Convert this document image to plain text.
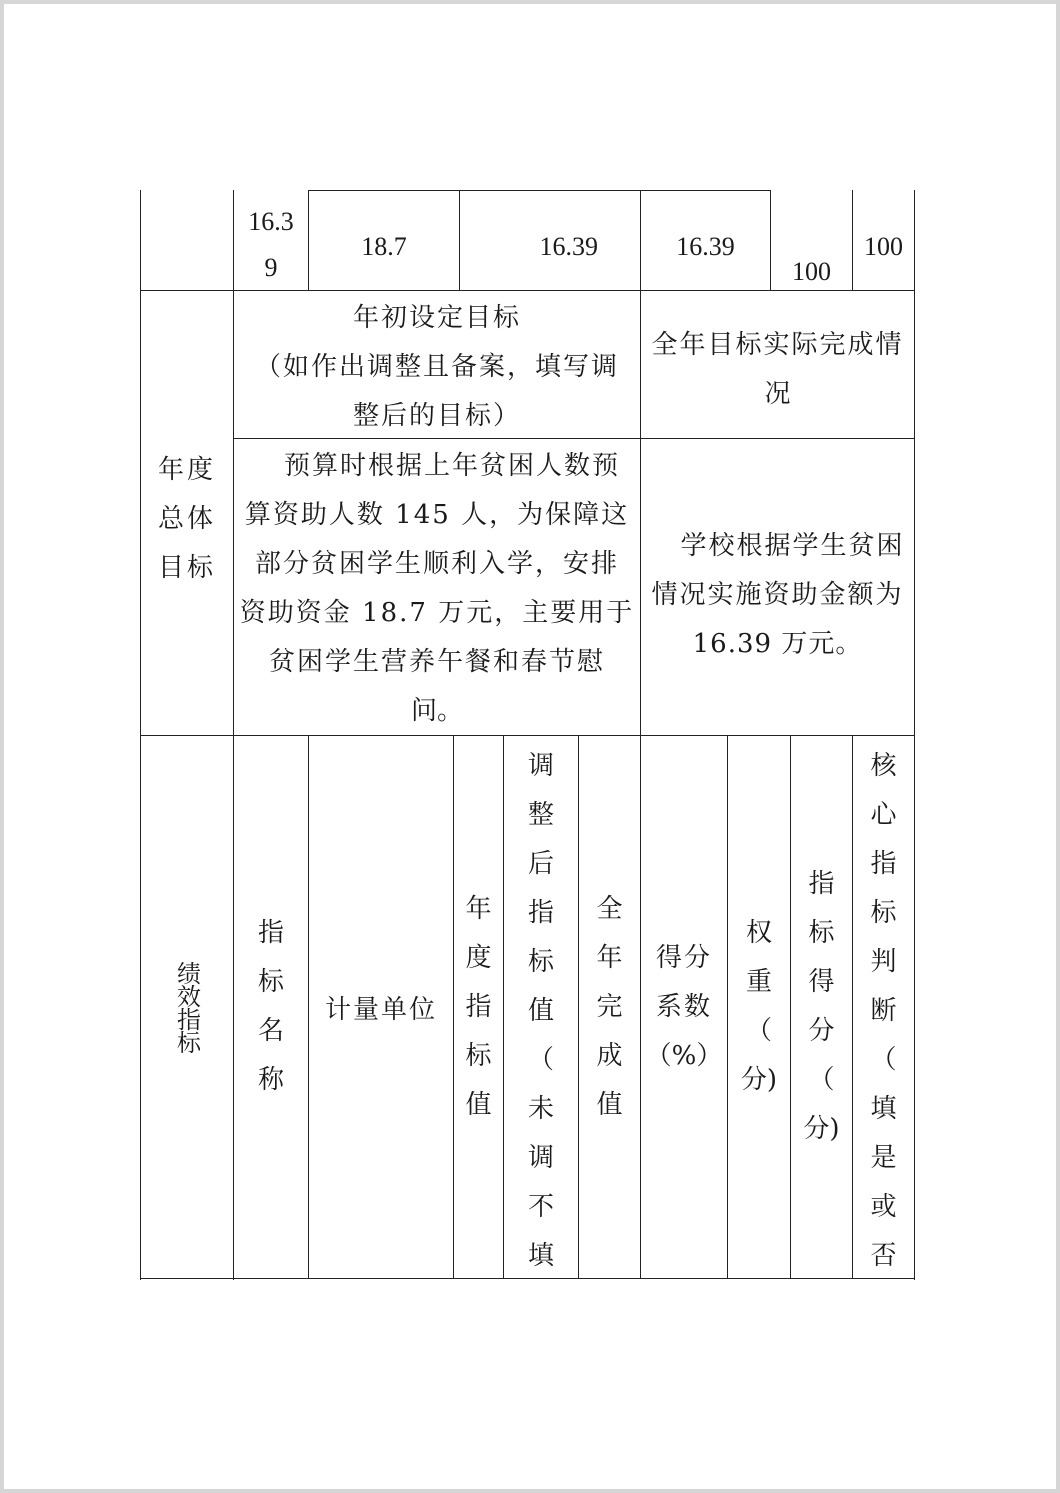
16.3
9
18.7	16.39	16.39
100
100
年初设定目标
（如作出调整且备案，填写调
整后的目标）
全年目标实际完成情
况
年度
总体
目标
预算时根据上年贫困人数预
算资助人数 145 人，为保障这
部分贫困学生顺利入学，安排
资助资金 18.7 万元，主要用于
贫困学生营养午餐和春节慰
问。
学校根据学生贫困
情况实施资助金额为
16.39 万元。
绩效指标
指
标
名
称
计量单位
年
度
指
标
值
调
整
后
指
标
值
（
未
调
不
填
全
年
完
成
值
得分
系数
（%）
权
重
（
分)
指
标
得
分
（
分)
核
心
指
标
判
断
（
填
是
或
否
